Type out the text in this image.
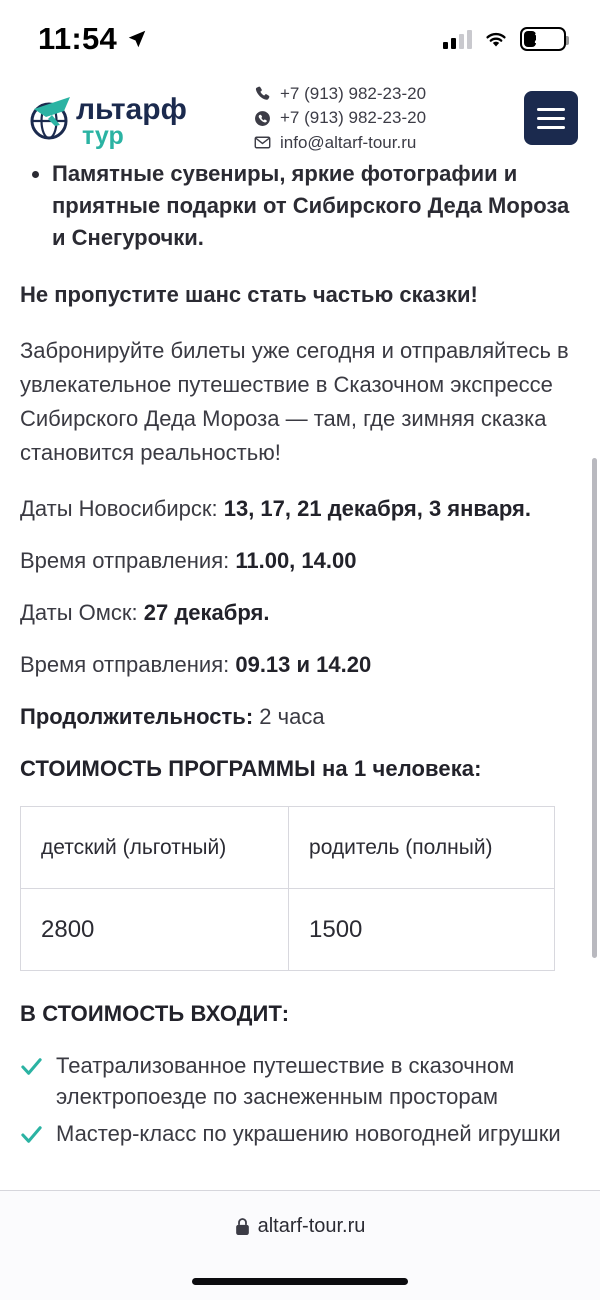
11:54	29
льтарф
тур
+7 (913) 982-23-20
+7 (913) 982-23-20
info@altarf-tour.ru
Памятные сувениры, яркие фотографии и приятные подарки от Сибирского Деда Мороза и Снегурочки.

Не пропустите шанс стать частью сказки!

Забронируйте билеты уже сегодня и отправляйтесь в увлекательное путешествие в Сказочном экспрессе Сибирского Деда Мороза — там, где зимняя сказка становится реальностью!

Даты Новосибирск: 13, 17, 21 декабря, 3 января.

Время отправления: 11.00, 14.00

Даты Омск: 27 декабря.

Время отправления: 09.13 и 14.20

Продолжительность: 2 часа

СТОИМОСТЬ ПРОГРАММЫ на 1 человека:
детский (льготный)	родитель (полный)
2800	1500
В СТОИМОСТЬ ВХОДИТ:
Театрализованное путешествие в сказочном электропоезде по заснеженным просторам
Мастер-класс по украшению новогодней игрушки
altarf-tour.ru
